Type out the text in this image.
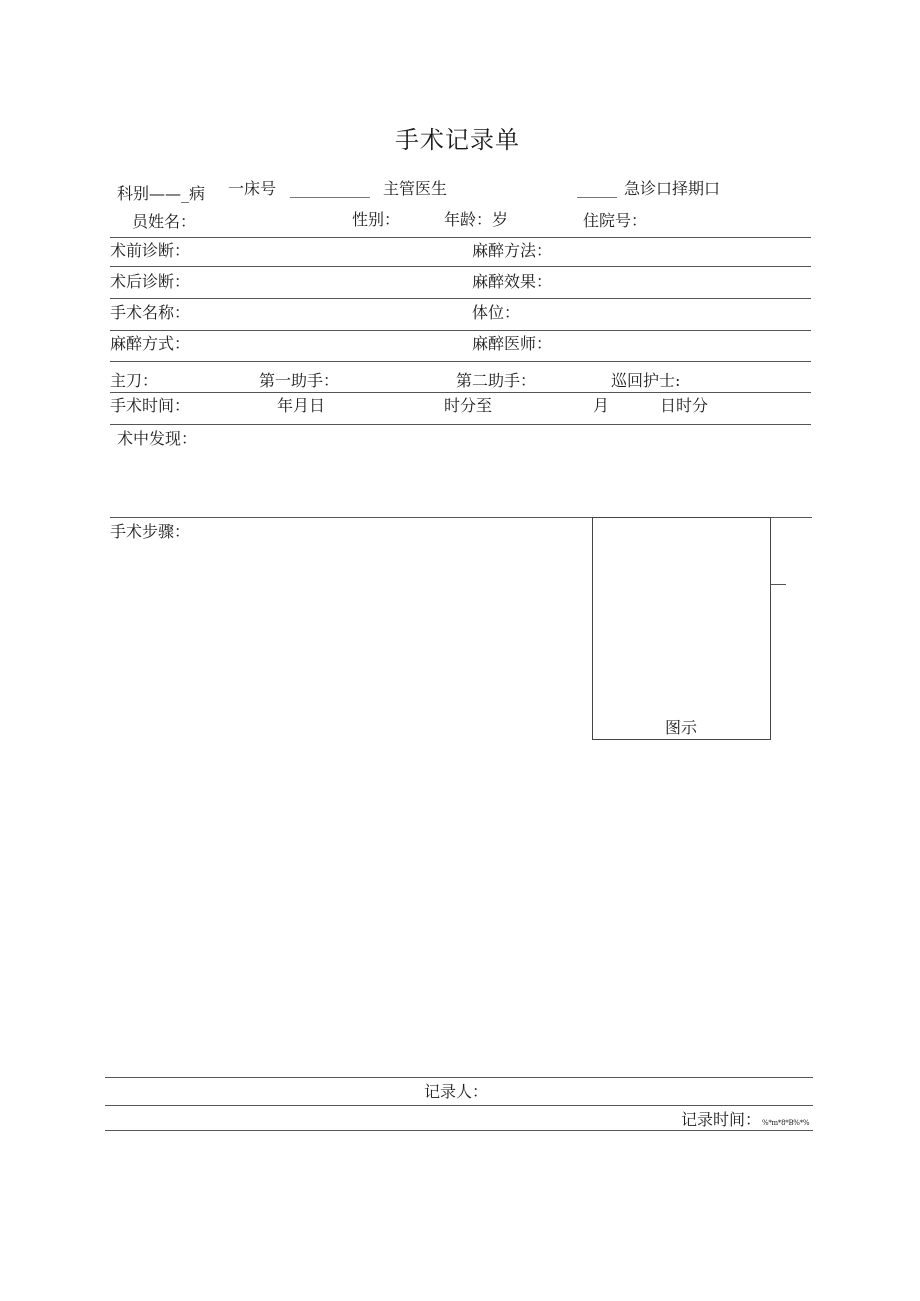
手术记录单
科别——_病 一床号 __________ 主管医生	_____ 急诊口择期口
员姓名：	性别：	年龄：岁	住院号：
术前诊断：	麻醉方法：
术后诊断：	麻醉效果：
手术名称：	体位：
麻醉方式：	麻醉医师：
主刀：	第一助手：	第二助手：	巡回护士:
手术时间：	年月日	时分至	月	日时分
术中发现：
手术步骤：
图示
记录人：
记录时间： %*m*8*B%*%
